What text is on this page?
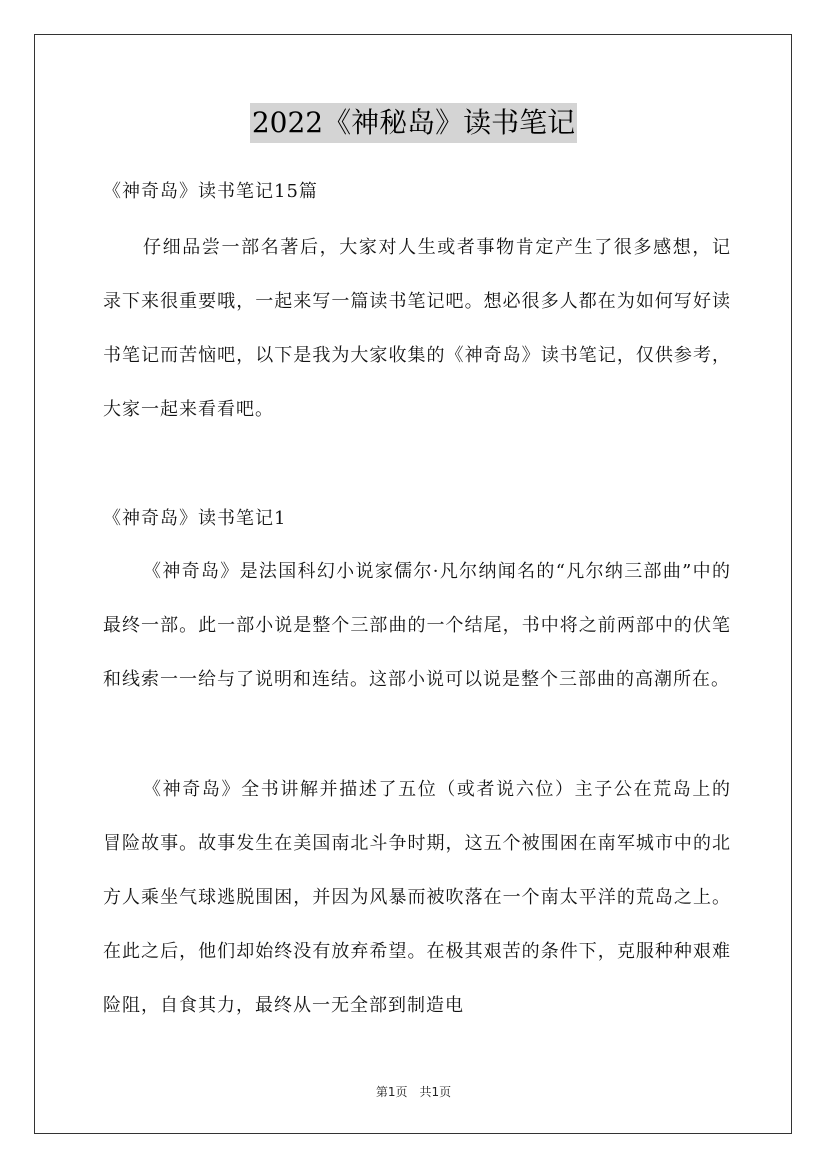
2022《神秘岛》读书笔记
《神奇岛》读书笔记15篇

仔细品尝一部名著后，大家对人生或者事物肯定产生了很多感想，记录下来很重要哦，一起来写一篇读书笔记吧。想必很多人都在为如何写好读书笔记而苦恼吧，以下是我为大家收集的《神奇岛》读书笔记，仅供参考，大家一起来看看吧。

《神奇岛》读书笔记1

《神奇岛》是法国科幻小说家儒尔·凡尔纳闻名的“凡尔纳三部曲”中的最终一部。此一部小说是整个三部曲的一个结尾，书中将之前两部中的伏笔和线索一一给与了说明和连结。这部小说可以说是整个三部曲的高潮所在。

《神奇岛》全书讲解并描述了五位（或者说六位）主子公在荒岛上的冒险故事。故事发生在美国南北斗争时期，这五个被围困在南军城市中的北方人乘坐气球逃脱围困，并因为风暴而被吹落在一个南太平洋的荒岛之上。在此之后，他们却始终没有放弃希望。在极其艰苦的条件下，克服种种艰难险阻，自食其力，最终从一无全部到制造电

第1页　共1页
